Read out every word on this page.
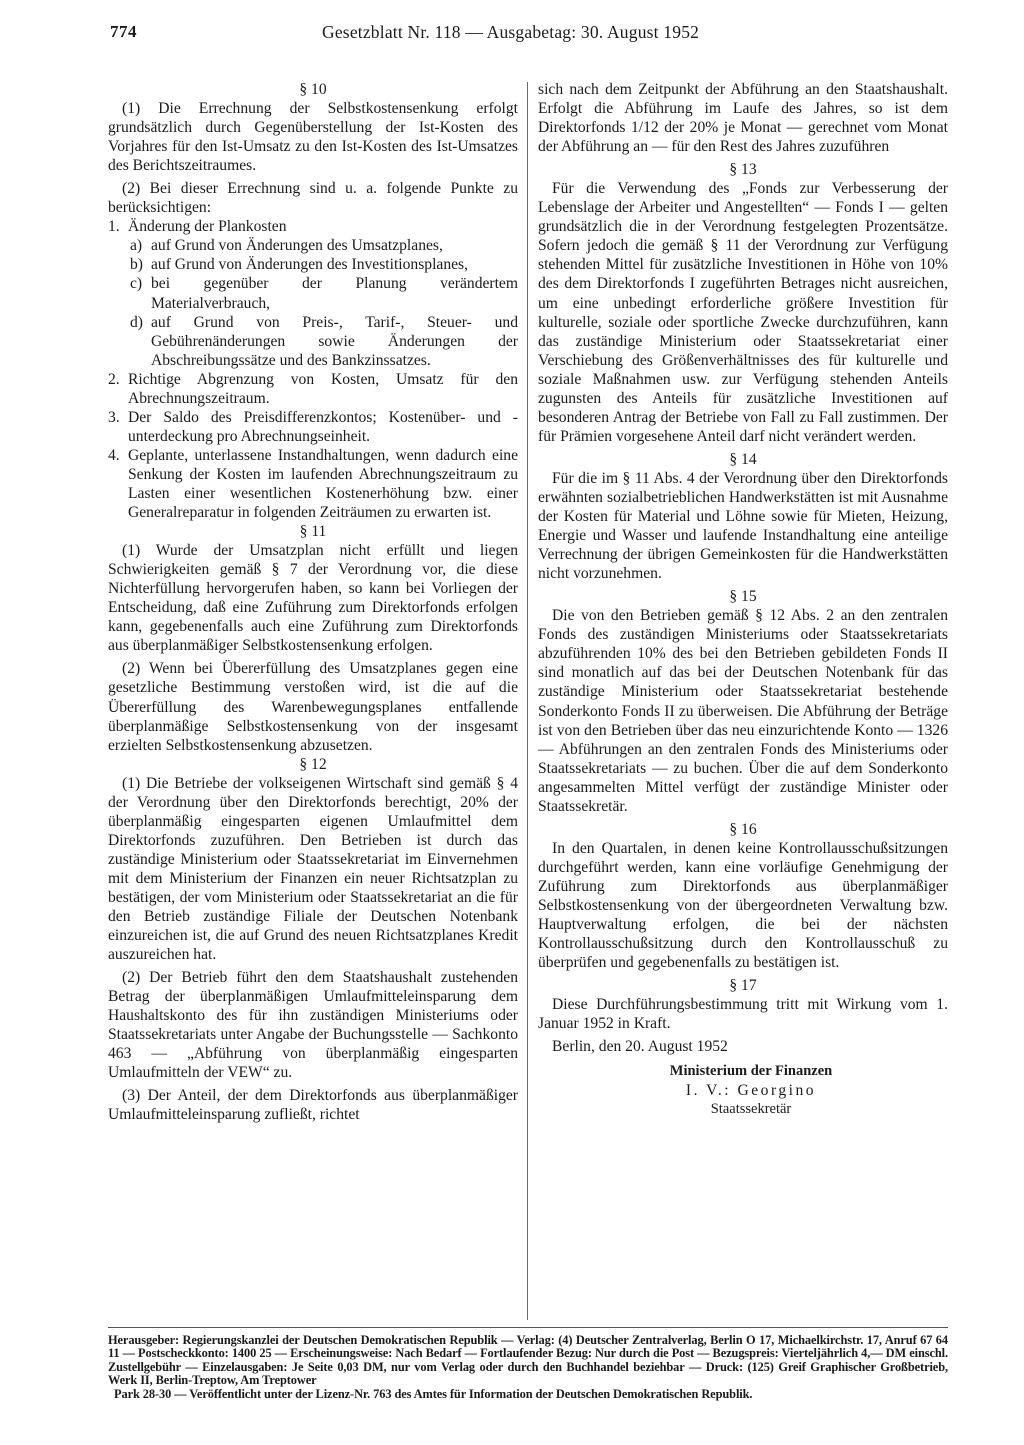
774	Gesetzblatt Nr. 118 — Ausgabetag: 30. August 1952

§ 10

(1) Die Errechnung der Selbstkostensenkung erfolgt grundsätzlich durch Gegenüberstellung der Ist-Kosten des Vorjahres für den Ist-Umsatz zu den Ist-Kosten des Ist-Umsatzes des Berichtszeitraumes.

(2) Bei dieser Errechnung sind u. a. folgende Punkte zu berücksichtigen:

1. Änderung der Plankosten
a) auf Grund von Änderungen des Umsatzplanes,
b) auf Grund von Änderungen des Investitionsplanes,
c) bei gegenüber der Planung verändertem Materialverbrauch,
d) auf Grund von Preis-, Tarif-, Steuer- und Gebührenänderungen sowie Änderungen der Abschreibungssätze und des Bankzinssatzes.
2. Richtige Abgrenzung von Kosten, Umsatz für den Abrechnungszeitraum.
3. Der Saldo des Preisdifferenzkontos; Kostenüber- und -unterdeckung pro Abrechnungseinheit.
4. Geplante, unterlassene Instandhaltungen, wenn dadurch eine Senkung der Kosten im laufenden Abrechnungszeitraum zu Lasten einer wesentlichen Kostenerhöhung bzw. einer Generalreparatur in folgenden Zeiträumen zu erwarten ist.

§ 11

(1) Wurde der Umsatzplan nicht erfüllt und liegen Schwierigkeiten gemäß § 7 der Verordnung vor, die diese Nichterfüllung hervorgerufen haben, so kann bei Vorliegen der Entscheidung, daß eine Zuführung zum Direktorfonds erfolgen kann, gegebenenfalls auch eine Zuführung zum Direktorfonds aus überplanmäßiger Selbstkostensenkung erfolgen.

(2) Wenn bei Übererfüllung des Umsatzplanes gegen eine gesetzliche Bestimmung verstoßen wird, ist die auf die Übererfüllung des Warenbewegungsplanes entfallende überplanmäßige Selbstkostensenkung von der insgesamt erzielten Selbstkostensenkung abzusetzen.

§ 12

(1) Die Betriebe der volkseigenen Wirtschaft sind gemäß § 4 der Verordnung über den Direktorfonds berechtigt, 20% der überplanmäßig eingesparten eigenen Umlaufmittel dem Direktorfonds zuzuführen. Den Betrieben ist durch das zuständige Ministerium oder Staatssekretariat im Einvernehmen mit dem Ministerium der Finanzen ein neuer Richtsatzplan zu bestätigen, der vom Ministerium oder Staatssekretariat an die für den Betrieb zuständige Filiale der Deutschen Notenbank einzureichen ist, die auf Grund des neuen Richtsatzplanes Kredit auszureichen hat.

(2) Der Betrieb führt den dem Staatshaushalt zustehenden Betrag der überplanmäßigen Umlaufmitteleinsparung dem Haushaltskonto des für ihn zuständigen Ministeriums oder Staatssekretariats unter Angabe der Buchungsstelle — Sachkonto 463 — „Abführung von überplanmäßig eingesparten Umlaufmitteln der VEW“ zu.

(3) Der Anteil, der dem Direktorfonds aus überplanmäßiger Umlaufmitteleinsparung zufließt, richtet

sich nach dem Zeitpunkt der Abführung an den Staatshaushalt. Erfolgt die Abführung im Laufe des Jahres, so ist dem Direktorfonds 1/12 der 20% je Monat — gerechnet vom Monat der Abführung an — für den Rest des Jahres zuzuführen

§ 13

Für die Verwendung des „Fonds zur Verbesserung der Lebenslage der Arbeiter und Angestellten“ — Fonds I — gelten grundsätzlich die in der Verordnung festgelegten Prozentsätze. Sofern jedoch die gemäß § 11 der Verordnung zur Verfügung stehenden Mittel für zusätzliche Investitionen in Höhe von 10% des dem Direktorfonds I zugeführten Betrages nicht ausreichen, um eine unbedingt erforderliche größere Investition für kulturelle, soziale oder sportliche Zwecke durchzuführen, kann das zuständige Ministerium oder Staatssekretariat einer Verschiebung des Größenverhältnisses des für kulturelle und soziale Maßnahmen usw. zur Verfügung stehenden Anteils zugunsten des Anteils für zusätzliche Investitionen auf besonderen Antrag der Betriebe von Fall zu Fall zustimmen. Der für Prämien vorgesehene Anteil darf nicht verändert werden.

§ 14

Für die im § 11 Abs. 4 der Verordnung über den Direktorfonds erwähnten sozialbetrieblichen Handwerkstätten ist mit Ausnahme der Kosten für Material und Löhne sowie für Mieten, Heizung, Energie und Wasser und laufende Instandhaltung eine anteilige Verrechnung der übrigen Gemeinkosten für die Handwerkstätten nicht vorzunehmen.

§ 15

Die von den Betrieben gemäß § 12 Abs. 2 an den zentralen Fonds des zuständigen Ministeriums oder Staatssekretariats abzuführenden 10% des bei den Betrieben gebildeten Fonds II sind monatlich auf das bei der Deutschen Notenbank für das zuständige Ministerium oder Staatssekretariat bestehende Sonderkonto Fonds II zu überweisen. Die Abführung der Beträge ist von den Betrieben über das neu einzurichtende Konto — 1326 — Abführungen an den zentralen Fonds des Ministeriums oder Staatssekretariats — zu buchen. Über die auf dem Sonderkonto angesammelten Mittel verfügt der zuständige Minister oder Staatssekretär.

§ 16

In den Quartalen, in denen keine Kontrollausschußsitzungen durchgeführt werden, kann eine vorläufige Genehmigung der Zuführung zum Direktorfonds aus überplanmäßiger Selbstkostensenkung von der übergeordneten Verwaltung bzw. Hauptverwaltung erfolgen, die bei der nächsten Kontrollausschußsitzung durch den Kontrollausschuß zu überprüfen und gegebenenfalls zu bestätigen ist.

§ 17

Diese Durchführungsbestimmung tritt mit Wirkung vom 1. Januar 1952 in Kraft.

Berlin, den 20. August 1952

Ministerium der Finanzen

I. V.: Georgino

Staatssekretär

Herausgeber: Regierungskanzlei der Deutschen Demokratischen Republik — Verlag: (4) Deutscher Zentralverlag, Berlin O 17, Michaelkirchstr. 17, Anruf 67 64 11 — Postscheckkonto: 1400 25 — Erscheinungsweise: Nach Bedarf — Fortlaufender Bezug: Nur durch die Post — Bezugspreis: Vierteljährlich 4,— DM einschl. Zustellgebühr — Einzelausgaben: Je Seite 0,03 DM, nur vom Verlag oder durch den Buchhandel beziehbar — Druck: (125) Greif Graphischer Großbetrieb, Werk II, Berlin-Treptow, Am Treptower
Park 28-30 — Veröffentlicht unter der Lizenz-Nr. 763 des Amtes für Information der Deutschen Demokratischen Republik.
